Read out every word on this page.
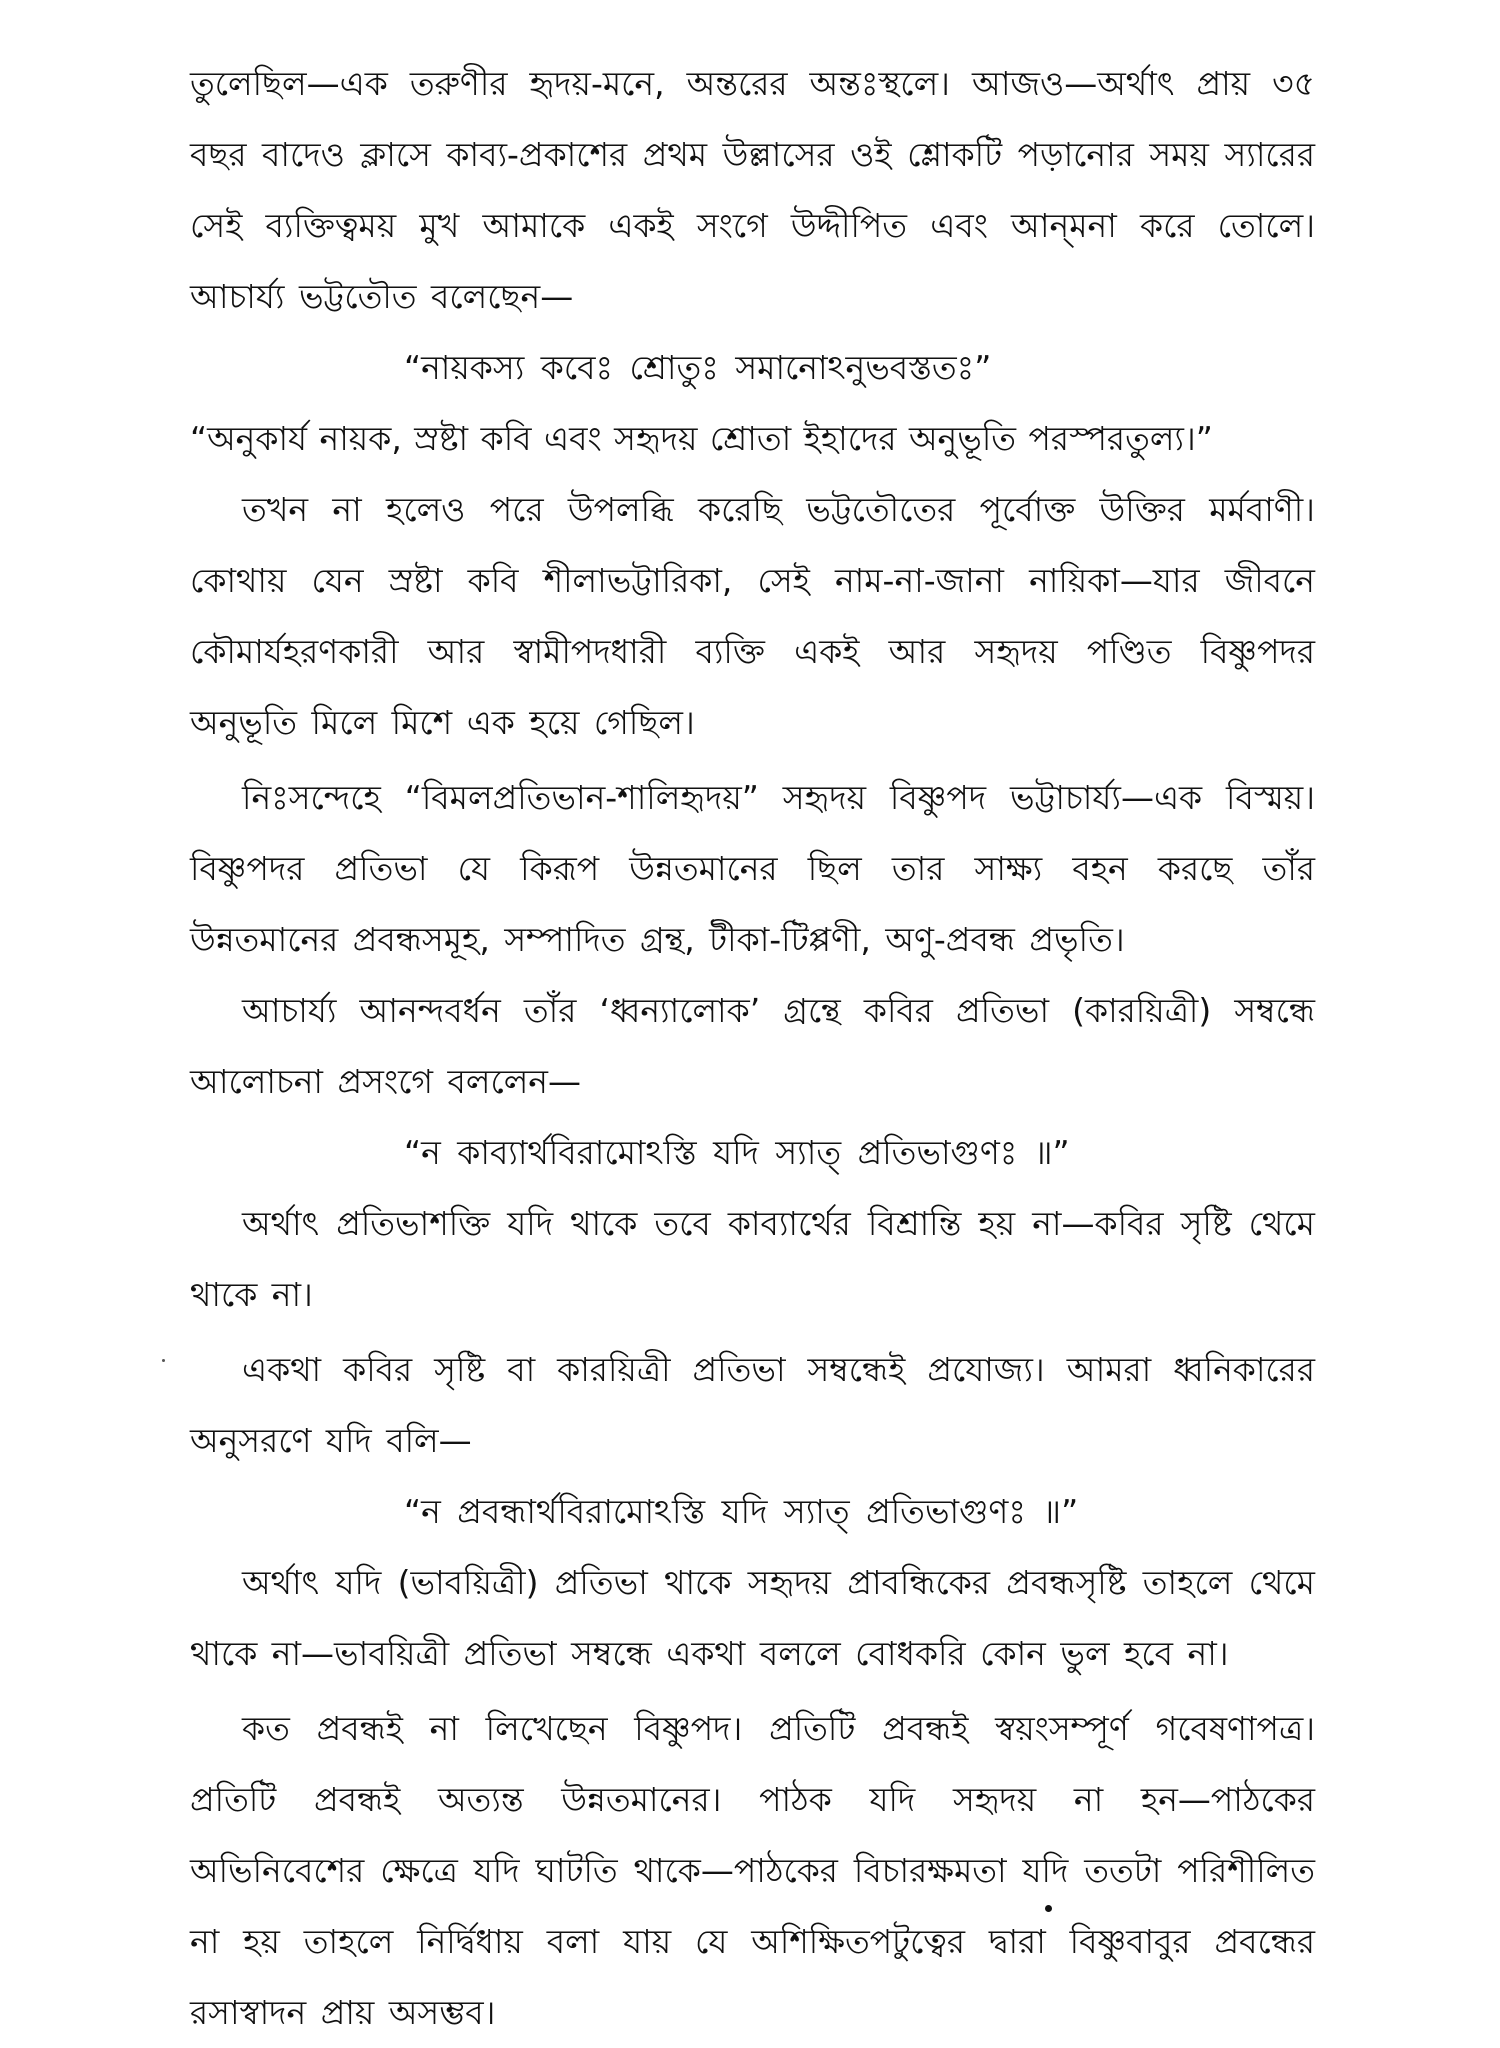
তুলেছিল—এক তরুণীর হৃদয়-মনে, অন্তরের অন্তঃস্থলে। আজও—অর্থাৎ প্রায় ৩৫ বছর বাদেও ক্লাসে কাব্য-প্রকাশের প্রথম উল্লাসের ওই শ্লোকটি পড়ানোর সময় স্যারের সেই ব্যক্তিত্বময় মুখ আমাকে একই সংগে উদ্দীপিত এবং আন্‌মনা করে তোলে। আচার্য্য ভট্টতৌত বলেছেন—

“নায়কস্য কবেঃ শ্রোতুঃ সমানোঽনুভবস্ততঃ”

“অনুকার্য নায়ক, স্রষ্টা কবি এবং সহৃদয় শ্রোতা ইহাদের অনুভূতি পরস্পরতুল্য।”

তখন না হলেও পরে উপলব্ধি করেছি ভট্টতৌতের পূর্বোক্ত উক্তির মর্মবাণী। কোথায় যেন স্রষ্টা কবি শীলাভট্টারিকা, সেই নাম-না-জানা নায়িকা—যার জীবনে কৌমার্যহরণকারী আর স্বামীপদধারী ব্যক্তি একই আর সহৃদয় পণ্ডিত বিষ্ণুপদর অনুভূতি মিলে মিশে এক হয়ে গেছিল।

নিঃসন্দেহে “বিমলপ্রতিভান-শালিহৃদয়” সহৃদয় বিষ্ণুপদ ভট্টাচার্য্য—এক বিস্ময়। বিষ্ণুপদর প্রতিভা যে কিরূপ উন্নতমানের ছিল তার সাক্ষ্য বহন করছে তাঁর উন্নতমানের প্রবন্ধসমূহ, সম্পাদিত গ্রন্থ, টীকা-টিপ্পণী, অণু-প্রবন্ধ প্রভৃতি।

আচার্য্য আনন্দবর্ধন তাঁর ‘ধ্বন্যালোক’ গ্রন্থে কবির প্রতিভা (কারয়িত্রী) সম্বন্ধে আলোচনা প্রসংগে বললেন—

“ন কাব্যার্থবিরামোঽস্তি যদি স্যাত্‌ প্রতিভাগুণঃ ॥”

অর্থাৎ প্রতিভাশক্তি যদি থাকে তবে কাব্যার্থের বিশ্রান্তি হয় না—কবির সৃষ্টি থেমে থাকে না।

একথা কবির সৃষ্টি বা কারয়িত্রী প্রতিভা সম্বন্ধেই প্রযোজ্য। আমরা ধ্বনিকারের অনুসরণে যদি বলি—

“ন প্রবন্ধার্থবিরামোঽস্তি যদি স্যাত্‌ প্রতিভাগুণঃ ॥”

অর্থাৎ যদি (ভাবয়িত্রী) প্রতিভা থাকে সহৃদয় প্রাবন্ধিকের প্রবন্ধসৃষ্টি তাহলে থেমে থাকে না—ভাবয়িত্রী প্রতিভা সম্বন্ধে একথা বললে বোধকরি কোন ভুল হবে না।

কত প্রবন্ধই না লিখেছেন বিষ্ণুপদ। প্রতিটি প্রবন্ধই স্বয়ংসম্পূর্ণ গবেষণাপত্র। প্রতিটি প্রবন্ধই অত্যন্ত উন্নতমানের। পাঠক যদি সহৃদয় না হন—পাঠকের অভিনিবেশের ক্ষেত্রে যদি ঘাটতি থাকে—পাঠকের বিচারক্ষমতা যদি ততটা পরিশীলিত না হয় তাহলে নির্দ্বিধায় বলা যায় যে অশিক্ষিতপটুত্বের দ্বারা বিষ্ণুবাবুর প্রবন্ধের রসাস্বাদন প্রায় অসম্ভব।
